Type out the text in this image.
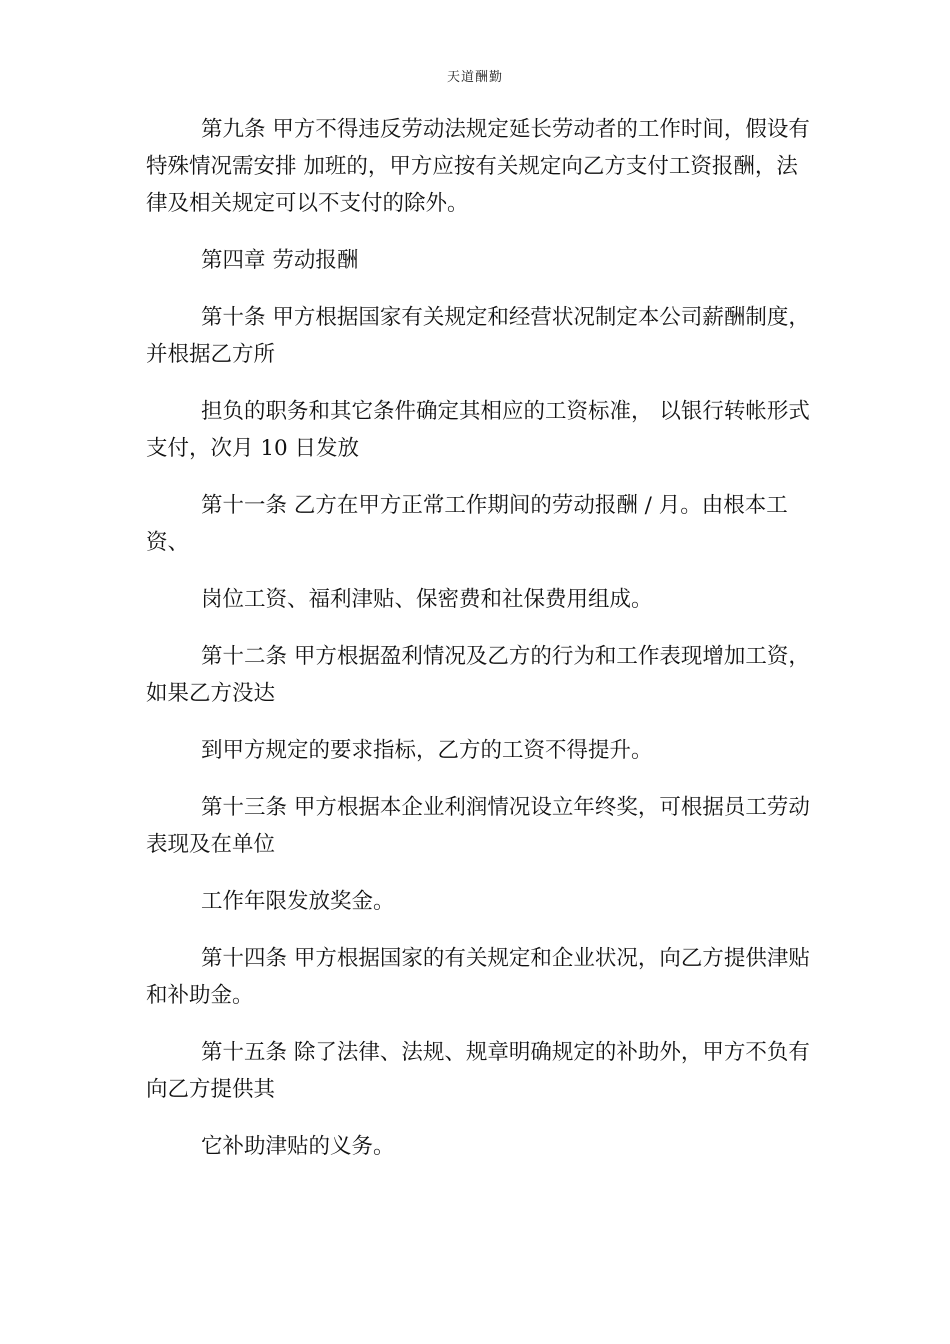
天道酬勤

第九条 甲方不得违反劳动法规定延长劳动者的工作时间，假设有特殊情况需安排 加班的，甲方应按有关规定向乙方支付工资报酬，法律及相关规定可以不支付的除外。

第四章 劳动报酬

第十条 甲方根据国家有关规定和经营状况制定本公司薪酬制度，并根据乙方所

担负的职务和其它条件确定其相应的工资标准， 以银行转帐形式支付，次月 10 日发放

第十一条 乙方在甲方正常工作期间的劳动报酬 / 月。由根本工资、

岗位工资、福利津贴、保密费和社保费用组成。

第十二条 甲方根据盈利情况及乙方的行为和工作表现增加工资，如果乙方没达

到甲方规定的要求指标，乙方的工资不得提升。

第十三条 甲方根据本企业利润情况设立年终奖，可根据员工劳动表现及在单位

工作年限发放奖金。

第十四条 甲方根据国家的有关规定和企业状况，向乙方提供津贴和补助金。

第十五条 除了法律、法规、规章明确规定的补助外，甲方不负有向乙方提供其

它补助津贴的义务。
